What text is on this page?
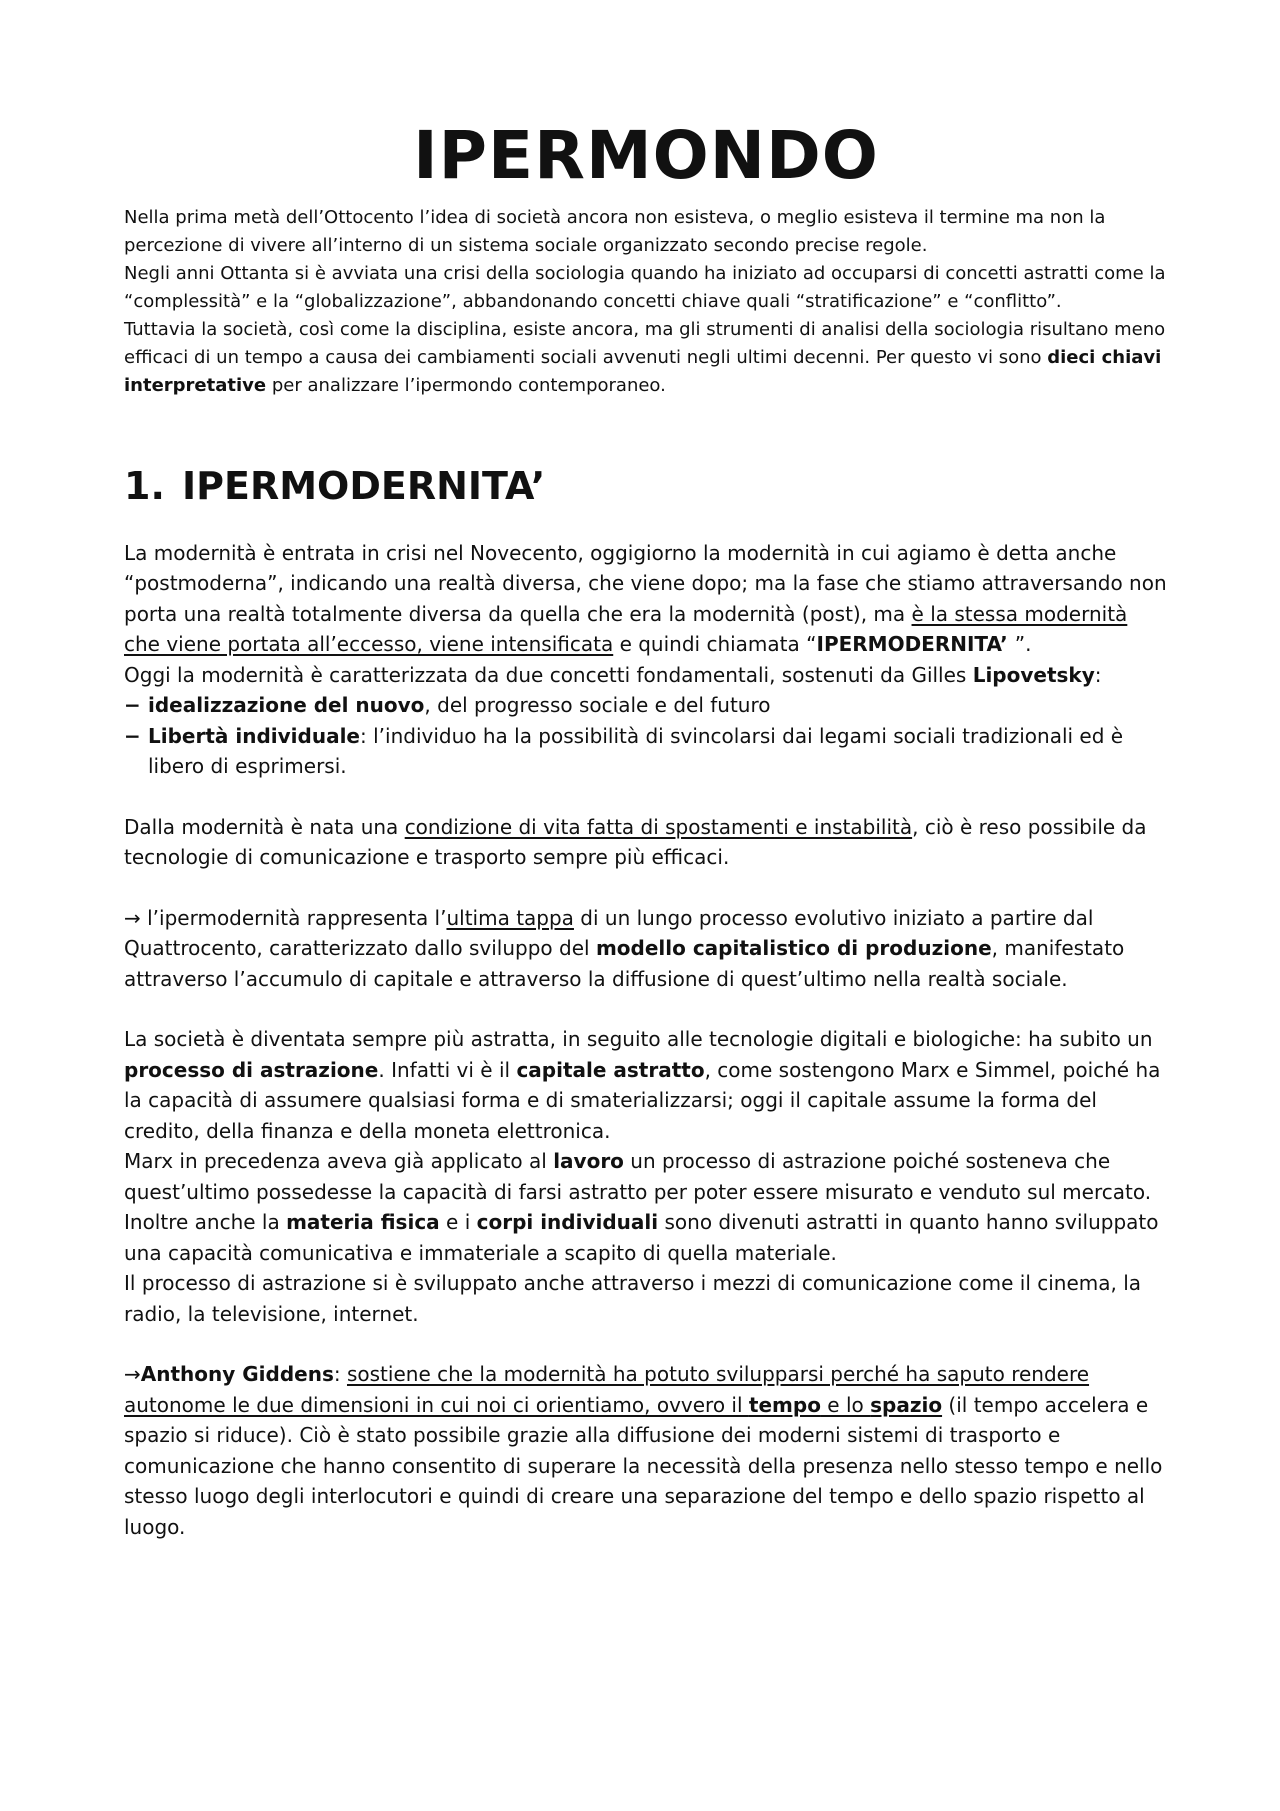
IPERMONDO

Nella prima metà dell’Ottocento l’idea di società ancora non esisteva, o meglio esisteva il termine ma non la percezione di vivere all’interno di un sistema sociale organizzato secondo precise regole.

Negli anni Ottanta si è avviata una crisi della sociologia quando ha iniziato ad occuparsi di concetti astratti come la “complessità” e la “globalizzazione”, abbandonando concetti chiave quali “stratificazione” e “conflitto”.

Tuttavia la società, così come la disciplina, esiste ancora, ma gli strumenti di analisi della sociologia risultano meno efficaci di un tempo a causa dei cambiamenti sociali avvenuti negli ultimi decenni. Per questo vi sono dieci chiavi interpretative per analizzare l’ipermondo contemporaneo.

1. IPERMODERNITA’

La modernità è entrata in crisi nel Novecento, oggigiorno la modernità in cui agiamo è detta anche “postmoderna”, indicando una realtà diversa, che viene dopo; ma la fase che stiamo attraversando non porta una realtà totalmente diversa da quella che era la modernità (post), ma è la stessa modernità che viene portata all’eccesso, viene intensificata e quindi chiamata “IPERMODERNITA’ ”.

Oggi la modernità è caratterizzata da due concetti fondamentali, sostenuti da Gilles Lipovetsky:

− idealizzazione del nuovo, del progresso sociale e del futuro
− Libertà individuale: l’individuo ha la possibilità di svincolarsi dai legami sociali tradizionali ed è libero di esprimersi.

Dalla modernità è nata una condizione di vita fatta di spostamenti e instabilità, ciò è reso possibile da tecnologie di comunicazione e trasporto sempre più efficaci.

→ l’ipermodernità rappresenta l’ultima tappa di un lungo processo evolutivo iniziato a partire dal Quattrocento, caratterizzato dallo sviluppo del modello capitalistico di produzione, manifestato attraverso l’accumulo di capitale e attraverso la diffusione di quest’ultimo nella realtà sociale.

La società è diventata sempre più astratta, in seguito alle tecnologie digitali e biologiche: ha subito un processo di astrazione. Infatti vi è il capitale astratto, come sostengono Marx e Simmel, poiché ha la capacità di assumere qualsiasi forma e di smaterializzarsi; oggi il capitale assume la forma del credito, della finanza e della moneta elettronica.

Marx in precedenza aveva già applicato al lavoro un processo di astrazione poiché sosteneva che quest’ultimo possedesse la capacità di farsi astratto per poter essere misurato e venduto sul mercato. Inoltre anche la materia fisica e i corpi individuali sono divenuti astratti in quanto hanno sviluppato una capacità comunicativa e immateriale a scapito di quella materiale.

Il processo di astrazione si è sviluppato anche attraverso i mezzi di comunicazione come il cinema, la radio, la televisione, internet.

→Anthony Giddens: sostiene che la modernità ha potuto svilupparsi perché ha saputo rendere autonome le due dimensioni in cui noi ci orientiamo, ovvero il tempo e lo spazio (il tempo accelera e spazio si riduce). Ciò è stato possibile grazie alla diffusione dei moderni sistemi di trasporto e comunicazione che hanno consentito di superare la necessità della presenza nello stesso tempo e nello stesso luogo degli interlocutori e quindi di creare una separazione del tempo e dello spazio rispetto al luogo.
